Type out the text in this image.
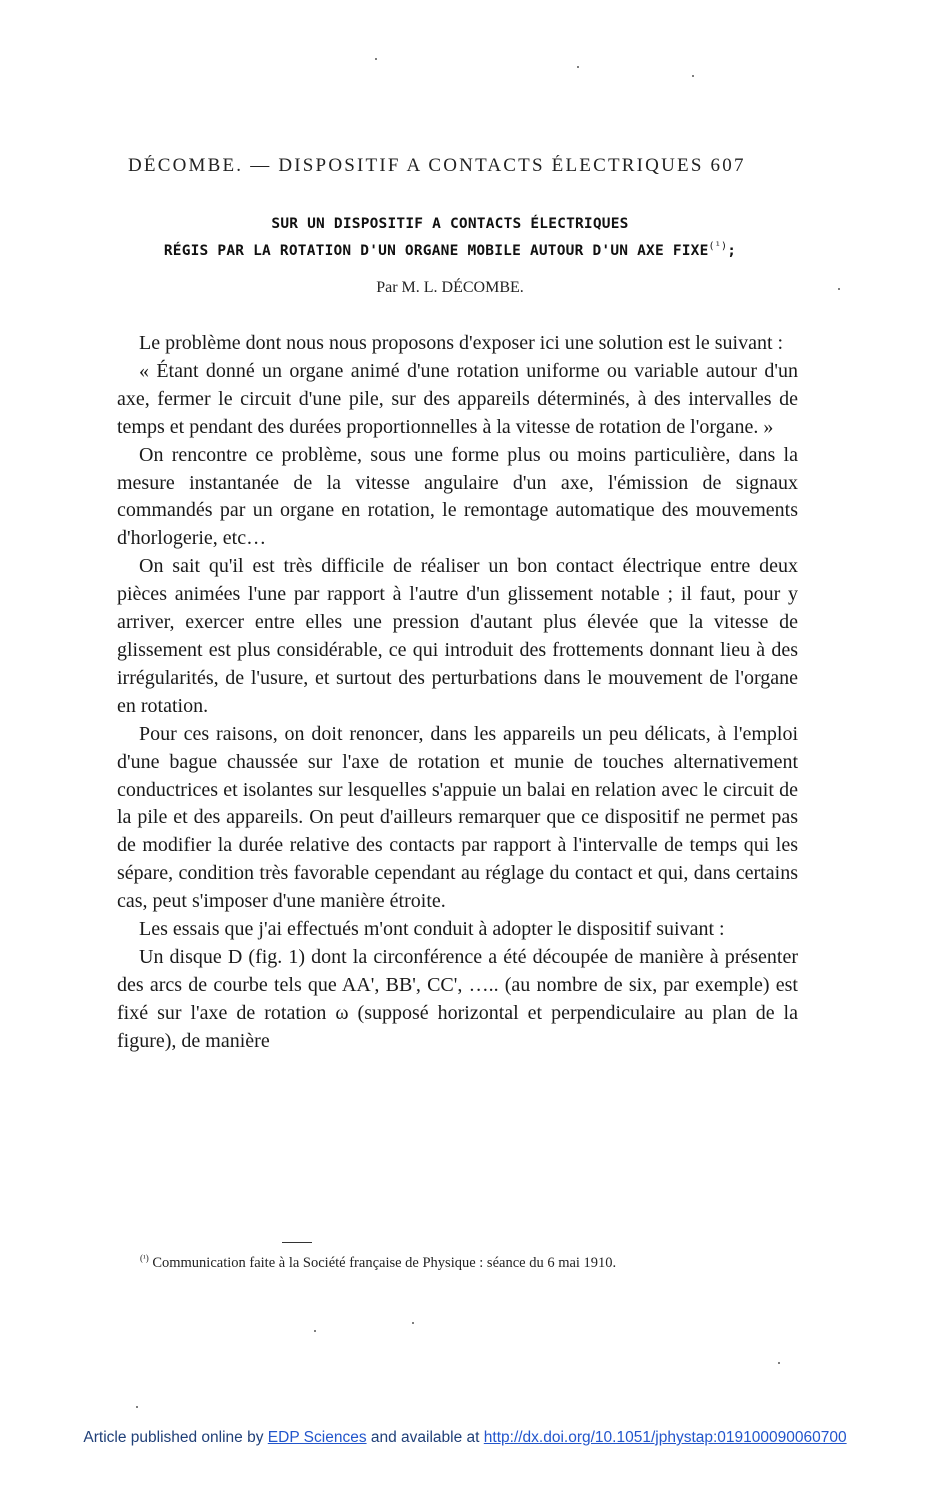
DÉCOMBE. — DISPOSITIF A CONTACTS ÉLECTRIQUES 607
SUR UN DISPOSITIF A CONTACTS ÉLECTRIQUES
RÉGIS PAR LA ROTATION D'UN ORGANE MOBILE AUTOUR D'UN AXE $FIXE^{(^1)}$;
Par M. L. DÉCOMBE.

Le problème dont nous nous proposons d'exposer ici une solution est le suivant :

« Étant donné un organe animé d'une rotation uniforme ou variable autour d'un axe, fermer le circuit d'une pile, sur des appareils déterminés, à des intervalles de temps et pendant des durées proportionnelles à la vitesse de rotation de l'organe. »

On rencontre ce problème, sous une forme plus ou moins particulière, dans la mesure instantanée de la vitesse angulaire d'un axe, l'émission de signaux commandés par un organe en rotation, le remontage automatique des mouvements d'horlogerie, etc…

On sait qu'il est très difficile de réaliser un bon contact électrique entre deux pièces animées l'une par rapport à l'autre d'un glissement notable ; il faut, pour y arriver, exercer entre elles une pression d'autant plus élevée que la vitesse de glissement est plus considérable, ce qui introduit des frottements donnant lieu à des irrégularités, de l'usure, et surtout des perturbations dans le mouvement de l'organe en rotation.

Pour ces raisons, on doit renoncer, dans les appareils un peu délicats, à l'emploi d'une bague chaussée sur l'axe de rotation et munie de touches alternativement conductrices et isolantes sur lesquelles s'appuie un balai en relation avec le circuit de la pile et des appareils. On peut d'ailleurs remarquer que ce dispositif ne permet pas de modifier la durée relative des contacts par rapport à l'intervalle de temps qui les sépare, condition très favorable cependant au réglage du contact et qui, dans certains cas, peut s'imposer d'une manière étroite.

Les essais que j'ai effectués m'ont conduit à adopter le dispositif suivant :

Un disque D (fig. 1) dont la circonférence a été découpée de manière à présenter des arcs de courbe tels que AA', BB', CC', ….. (au nombre de six, par exemple) est fixé sur l'axe de rotation ω (supposé horizontal et perpendiculaire au plan de la figure), de manière

$^{(^1)}$ Communication faite à la Société française de Physique : séance du 6 mai 1910.
Article published online by EDP Sciences and available at http://dx.doi.org/10.1051/jphystap:019100090060700
